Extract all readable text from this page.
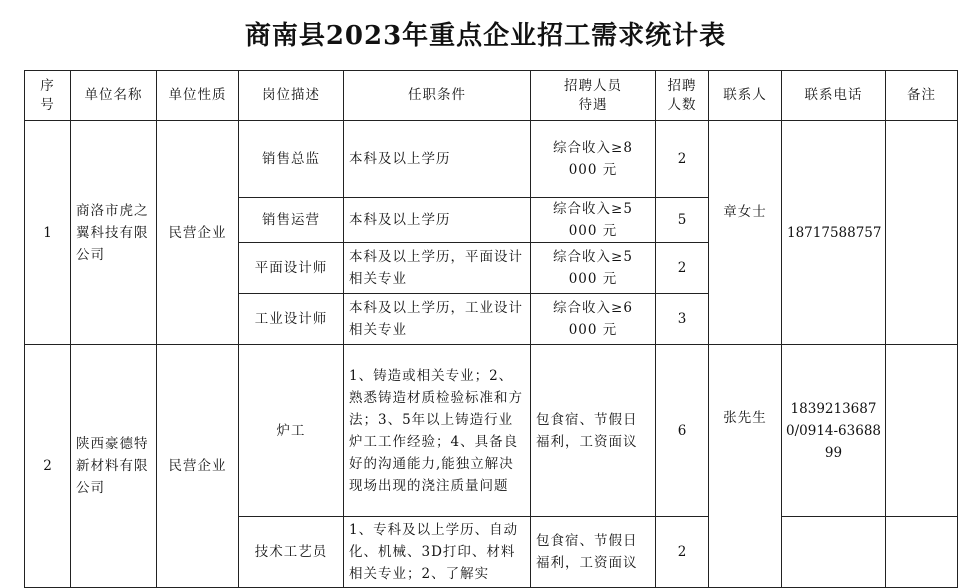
商南县2023年重点企业招工需求统计表
序号	单位名称	单位性质	岗位描述	任职条件	招聘人员待遇	招聘人数	联系人	联系电话	备注
1	商洛市虎之翼科技有限公司	民营企业	销售总监	本科及以上学历	综合收入≥8000 元	2	章女士	18717588757	
			销售运营	本科及以上学历	综合收入≥5000 元	5			
			平面设计师	本科及以上学历，平面设计相关专业	综合收入≥5000 元	2			
			工业设计师	本科及以上学历，工业设计相关专业	综合收入≥6000 元	3			
2	陕西豪德特新材料有限公司	民营企业	炉工	1、铸造或相关专业；2、熟悉铸造材质检验标准和方法；3、5年以上铸造行业炉工工作经验；4、具备良好的沟通能力,能独立解决现场出现的浇注质量问题	包食宿、节假日福利，工资面议	6	张先生	18392136870/0914-6368899	
			技术工艺员	1、专科及以上学历、自动化、机械、3D打印、材料相关专业；2、了解实	包食宿、节假日福利，工资面议	2			
